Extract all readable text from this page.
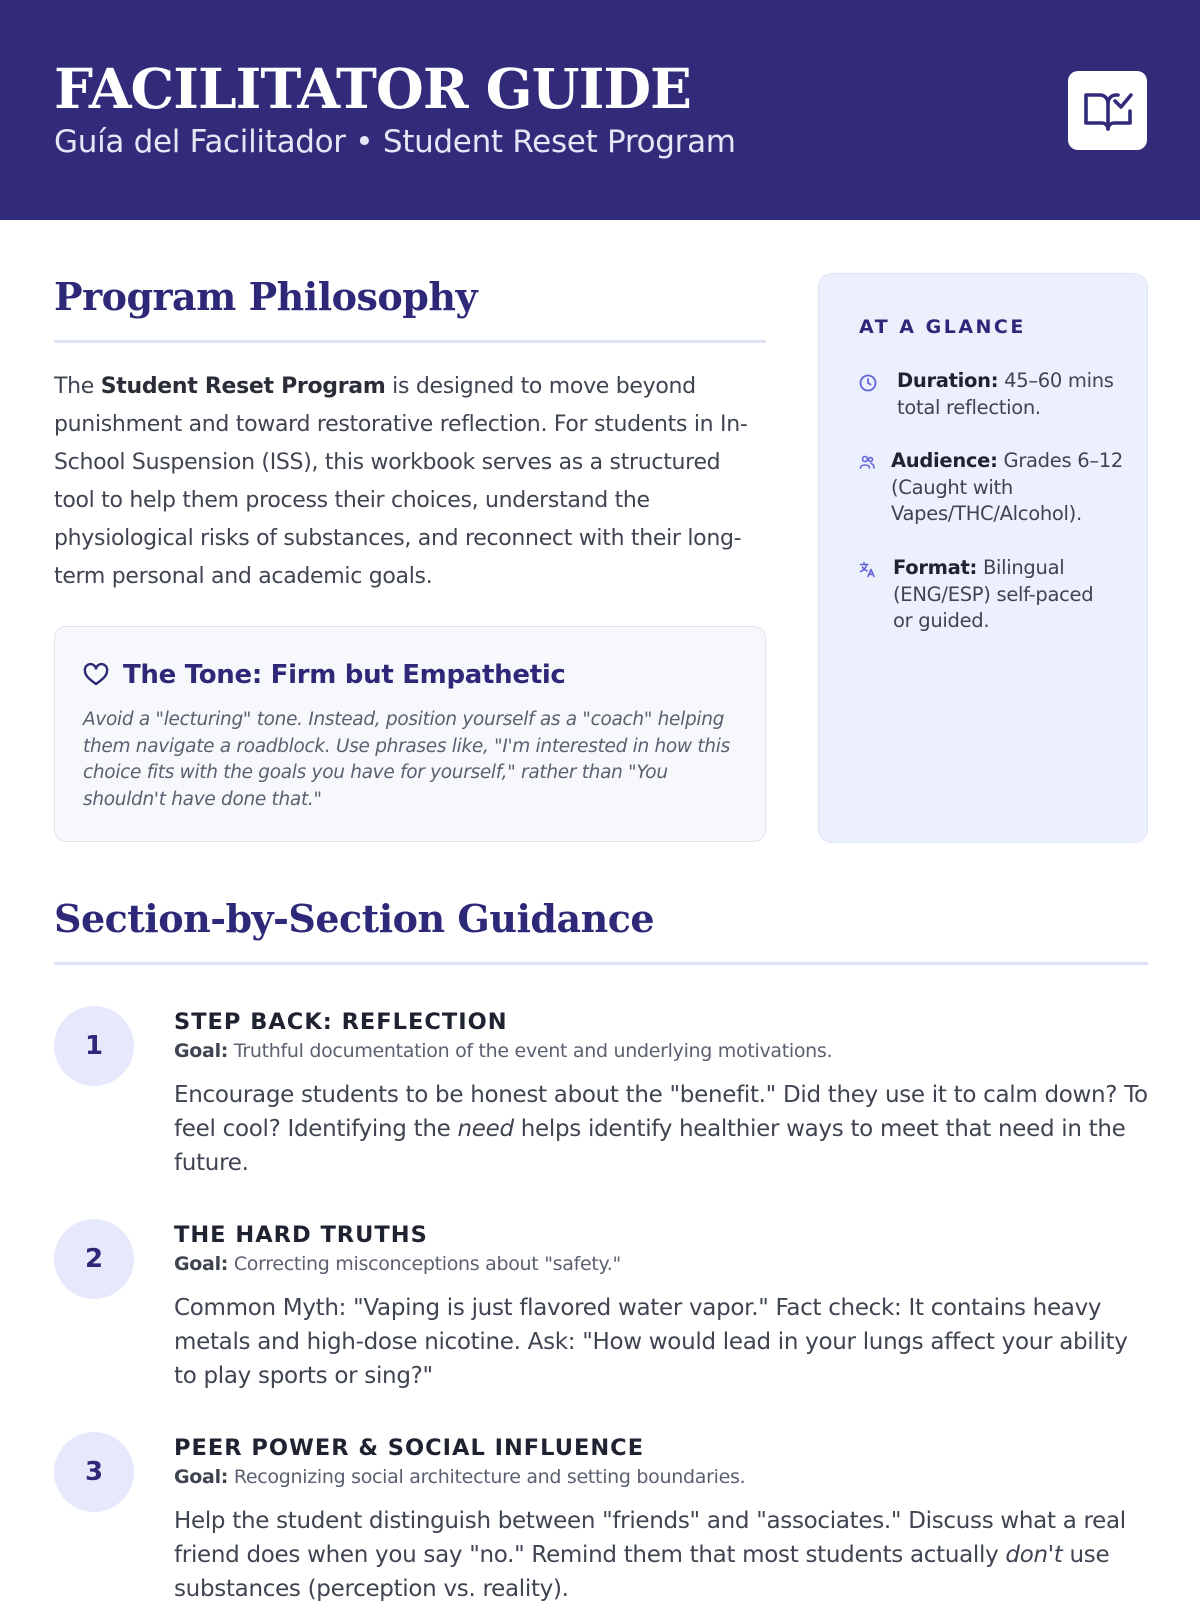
FACILITATOR GUIDE
Guía del Facilitador • Student Reset Program
Program Philosophy

The Student Reset Program is designed to move beyond punishment and toward restorative reflection. For students in In-School Suspension (ISS), this workbook serves as a structured tool to help them process their choices, understand the physiological risks of substances, and reconnect with their long-term personal and academic goals.

The Tone: Firm but Empathetic

Avoid a "lecturing" tone. Instead, position yourself as a "coach" helping them navigate a roadblock. Use phrases like, "I'm interested in how this choice fits with the goals you have for yourself," rather than "You shouldn't have done that."

AT A GLANCE

Duration: 45–60 mins total reflection.

Audience: Grades 6–12 (Caught with Vapes/THC/Alcohol).

Format: Bilingual (ENG/ESP) self-paced or guided.

Section-by-Section Guidance
1
STEP BACK: REFLECTION
Goal: Truthful documentation of the event and underlying motivations.

Encourage students to be honest about the "benefit." Did they use it to calm down? To feel cool? Identifying the need helps identify healthier ways to meet that need in the future.

2
THE HARD TRUTHS
Goal: Correcting misconceptions about "safety."

Common Myth: "Vaping is just flavored water vapor." Fact check: It contains heavy metals and high-dose nicotine. Ask: "How would lead in your lungs affect your ability to play sports or sing?"

3
PEER POWER & SOCIAL INFLUENCE
Goal: Recognizing social architecture and setting boundaries.

Help the student distinguish between "friends" and "associates." Discuss what a real friend does when you say "no." Remind them that most students actually don't use substances (perception vs. reality).
